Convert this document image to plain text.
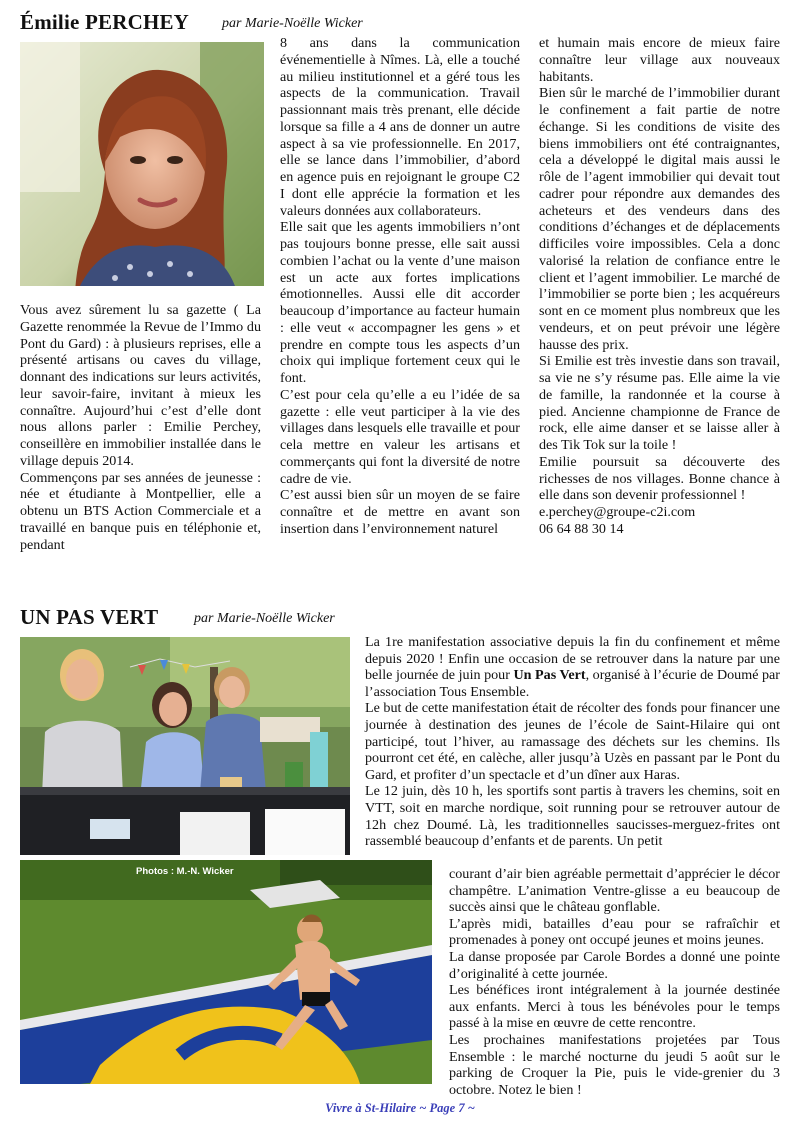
Émilie PERCHEY par Marie-Noëlle Wicker

Vous avez sûrement lu sa gazette ( La Gazette renommée la Revue de l’Immo du Pont du Gard) : à plusieurs reprises, elle a présenté artisans ou caves du village, donnant des indications sur leurs activités, leur savoir-faire, invitant à mieux les connaître. Aujourd’hui c’est d’elle dont nous allons parler : Emilie Perchey, conseillère en immobilier installée dans le village depuis 2014.

Commençons par ses années de jeunesse : née et étudiante à Montpellier, elle a obtenu un BTS Action Commerciale et a travaillé en banque puis en téléphonie et, pendant

8 ans dans la communication événementielle à Nîmes. Là, elle a touché au milieu institutionnel et a géré tous les aspects de la communication. Travail passionnant mais très prenant, elle décide lorsque sa fille a 4 ans de donner un autre aspect à sa vie professionnelle. En 2017, elle se lance dans l’immobilier, d’abord en agence puis en rejoignant le groupe C2 I dont elle apprécie la formation et les valeurs données aux collaborateurs.

Elle sait que les agents immobiliers n’ont pas toujours bonne presse, elle sait aussi combien l’achat ou la vente d’une maison est un acte aux fortes implications émotionnelles. Aussi elle dit accorder beaucoup d’importance au facteur humain : elle veut « accompagner les gens » et prendre en compte tous les aspects d’un choix qui implique fortement ceux qui le font.

C’est pour cela qu’elle a eu l’idée de sa gazette : elle veut participer à la vie des villages dans lesquels elle travaille et pour cela mettre en valeur les artisans et commerçants qui font la diversité de notre cadre de vie.

C’est aussi bien sûr un moyen de se faire connaître et de mettre en avant son insertion dans l’environnement naturel

et humain mais encore de mieux faire connaître leur village aux nouveaux habitants.

Bien sûr le marché de l’immobilier durant le confinement a fait partie de notre échange. Si les conditions de visite des biens immobiliers ont été contraignantes, cela a développé le digital mais aussi le rôle de l’agent immobilier qui devait tout cadrer pour répondre aux demandes des acheteurs et des vendeurs dans des conditions d’échanges et de déplacements difficiles voire impossibles. Cela a donc valorisé la relation de confiance entre le client et l’agent immobilier. Le marché de l’immobilier se porte bien ; les acquéreurs sont en ce moment plus nombreux que les vendeurs, et on peut prévoir une légère hausse des prix.

Si Emilie est très investie dans son travail, sa vie ne s’y résume pas. Elle aime la vie de famille, la randonnée et la course à pied. Ancienne championne de France de rock, elle aime danser et se laisse aller à des Tik Tok sur la toile !

Emilie poursuit sa découverte des richesses de nos villages. Bonne chance à elle dans son devenir professionnel !

e.perchey@groupe-c2i.com

06 64 88 30 14

UN PAS VERT	par Marie-Noëlle Wicker
Photos : M.-N. Wicker

La 1re manifestation associative depuis la fin du confinement et même depuis 2020 ! Enfin une occasion de se retrouver dans la nature par une belle journée de juin pour Un Pas Vert, organisé à l’écurie de Doumé par l’association Tous Ensemble.

Le but de cette manifestation était de récolter des fonds pour financer une journée à destination des jeunes de l’école de Saint-Hilaire qui ont participé, tout l’hiver, au ramassage des déchets sur les chemins. Ils pourront cet été, en calèche, aller jusqu’à Uzès en passant par le Pont du Gard, et profiter d’un spectacle et d’un dîner aux Haras.

Le 12 juin, dès 10 h, les sportifs sont partis à travers les chemins, soit en VTT, soit en marche nordique, soit running pour se retrouver autour de 12h chez Doumé. Là, les traditionnelles saucisses-merguez-frites ont rassemblé beaucoup d’enfants et de parents. Un petit

courant d’air bien agréable permettait d’apprécier le décor champêtre. L’animation Ventre-glisse a eu beaucoup de succès ainsi que le château gonflable.

L’après midi, batailles d’eau pour se rafraîchir et promenades à poney ont occupé jeunes et moins jeunes.

La danse proposée par Carole Bordes a donné une pointe d’originalité à cette journée.

Les bénéfices iront intégralement à la journée destinée aux enfants. Merci à tous les bénévoles pour le temps passé à la mise en œuvre de cette rencontre.

Les prochaines manifestations projetées par Tous Ensemble : le marché nocturne du jeudi 5 août sur le parking de Croquer la Pie, puis le vide-grenier du 3 octobre. Notez le bien !

Vivre à St-Hilaire ~ Page 7 ~
